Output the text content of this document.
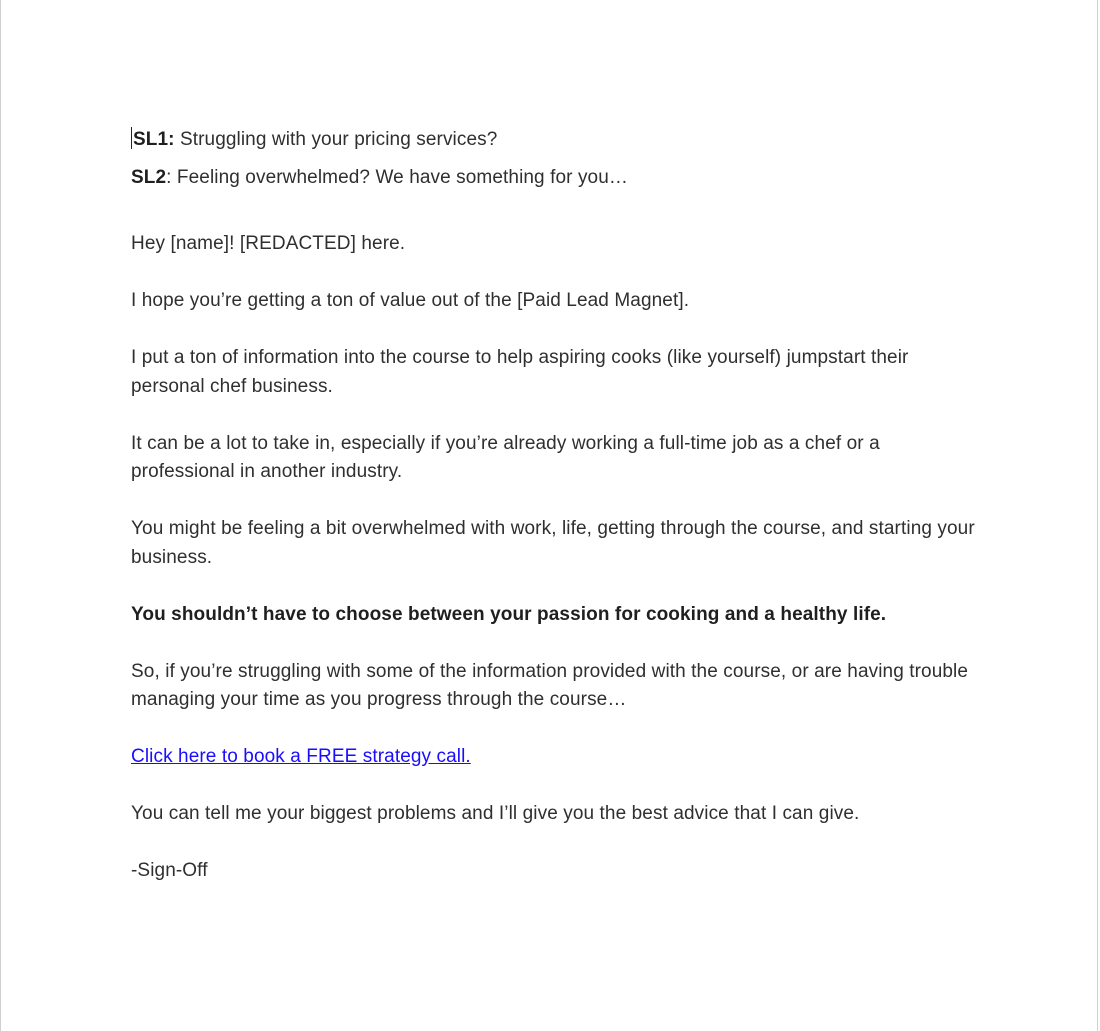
SL1: Struggling with your pricing services?

SL2: Feeling overwhelmed? We have something for you…

Hey [name]! [REDACTED] here.

I hope you’re getting a ton of value out of the [Paid Lead Magnet].

I put a ton of information into the course to help aspiring cooks (like yourself) jumpstart their personal chef business.

It can be a lot to take in, especially if you’re already working a full-time job as a chef or a professional in another industry.

You might be feeling a bit overwhelmed with work, life, getting through the course, and starting your business.

You shouldn’t have to choose between your passion for cooking and a healthy life.

So, if you’re struggling with some of the information provided with the course, or are having trouble managing your time as you progress through the course…

Click here to book a FREE strategy call.

You can tell me your biggest problems and I’ll give you the best advice that I can give.

-Sign-Off
